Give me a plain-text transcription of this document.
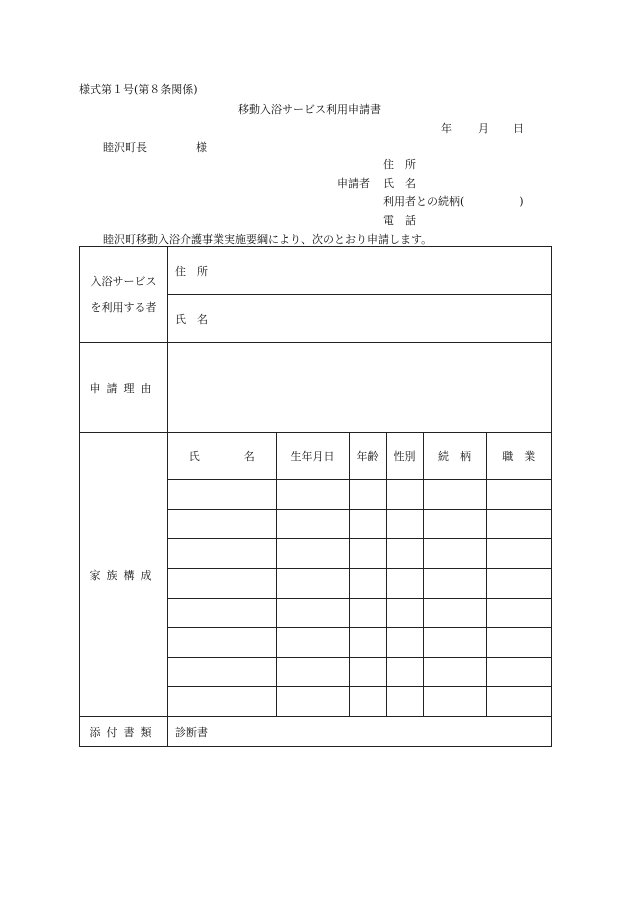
様式第１号(第８条関係)
移動入浴サービス利用申請書
年 月 日
睦沢町長	様
住　所
申請者 氏　名
利用者との続柄(　　　　　)
電　話
睦沢町移動入浴介護事業実施要綱により、次のとおり申請します。
入浴サービス
を利用する者	住　所
氏　名
申請理由	
家族構成	
氏　　　　名	生年月日	年齢	性別	続　柄	職　業

添付書類	診断書
